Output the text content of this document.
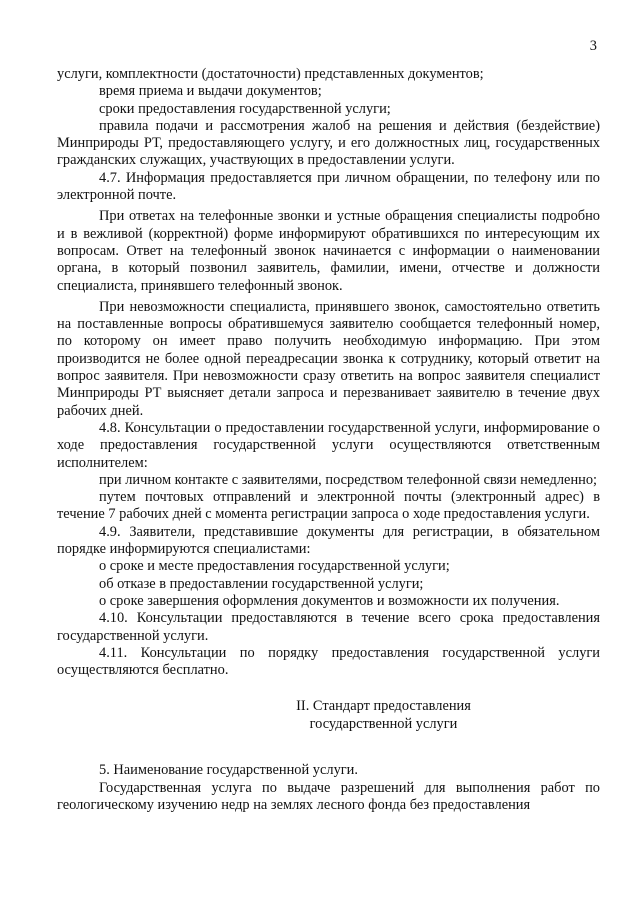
3

услуги, комплектности (достаточности) представленных документов;

время приема и выдачи документов;

сроки предоставления государственной услуги;

правила подачи и рассмотрения жалоб на решения и действия (бездействие) Минприроды РТ, предоставляющего услугу, и его должностных лиц, государственных гражданских служащих, участвующих в предоставлении услуги.

4.7. Информация предоставляется при личном обращении, по телефону или по электронной почте.

При ответах на телефонные звонки и устные обращения специалисты подробно и в вежливой (корректной) форме информируют обратившихся по интересующим их вопросам. Ответ на телефонный звонок начинается с информации о наименовании органа, в который позвонил заявитель, фамилии, имени, отчестве и должности специалиста, принявшего телефонный звонок.

При невозможности специалиста, принявшего звонок, самостоятельно ответить на поставленные вопросы обратившемуся заявителю сообщается телефонный номер, по которому он имеет право получить необходимую информацию. При этом производится не более одной переадресации звонка к сотруднику, который ответит на вопрос заявителя. При невозможности сразу ответить на вопрос заявителя специалист Минприроды РТ выясняет детали запроса и перезванивает заявителю в течение двух рабочих дней.

4.8. Консультации о предоставлении государственной услуги, информирование о ходе предоставления государственной услуги осуществляются ответственным исполнителем:

при личном контакте с заявителями, посредством телефонной связи немедленно;

путем почтовых отправлений и электронной почты (электронный адрес) в течение 7 рабочих дней с момента регистрации запроса о ходе предоставления услуги.

4.9. Заявители, представившие документы для регистрации, в обязательном порядке информируются специалистами:

о сроке и месте предоставления государственной услуги;

об отказе в предоставлении государственной услуги;

о сроке завершения оформления документов и возможности их получения.

4.10. Консультации предоставляются в течение всего срока предоставления государственной услуги.

4.11. Консультации по порядку предоставления государственной услуги осуществляются бесплатно.

II. Стандарт предоставления
государственной услуги

5. Наименование государственной услуги.

Государственная услуга по выдаче разрешений для выполнения работ по геологическому изучению недр на землях лесного фонда без предоставления
